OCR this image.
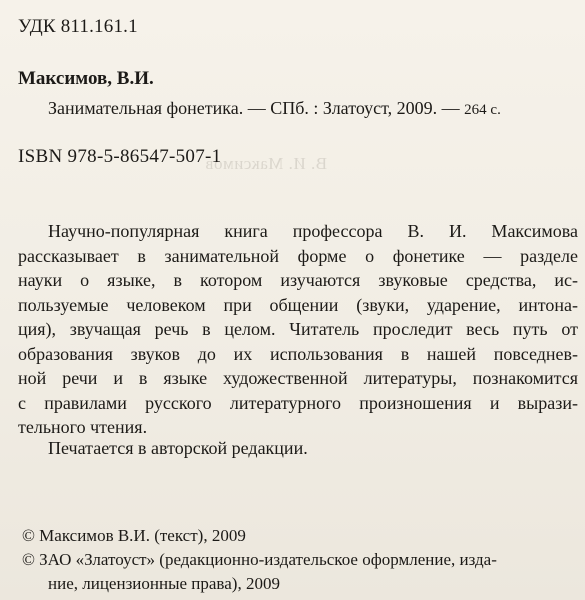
В. И. Максимов
УДК 811.161.1
Максимов, В.И.
Занимательная фонетика. — СПб. : Златоуст, 2009. — 264 с.
ISBN 978-5-86547-507-1
Научно-популярная книга профессора В. И. Максимова
рассказывает в занимательной форме о фонетике — разделе
науки о языке, в котором изучаются звуковые средства, ис-
пользуемые человеком при общении (звуки, ударение, интона-
ция), звучащая речь в целом. Читатель проследит весь путь от
образования звуков до их использования в нашей повседнев-
ной речи и в языке художественной литературы, познакомится
с правилами русского литературного произношения и вырази-
тельного чтения.
Печатается в авторской редакции.
© Максимов В.И. (текст), 2009
© ЗАО «Златоуст» (редакционно-издательское оформление, изда-
ние, лицензионные права), 2009
